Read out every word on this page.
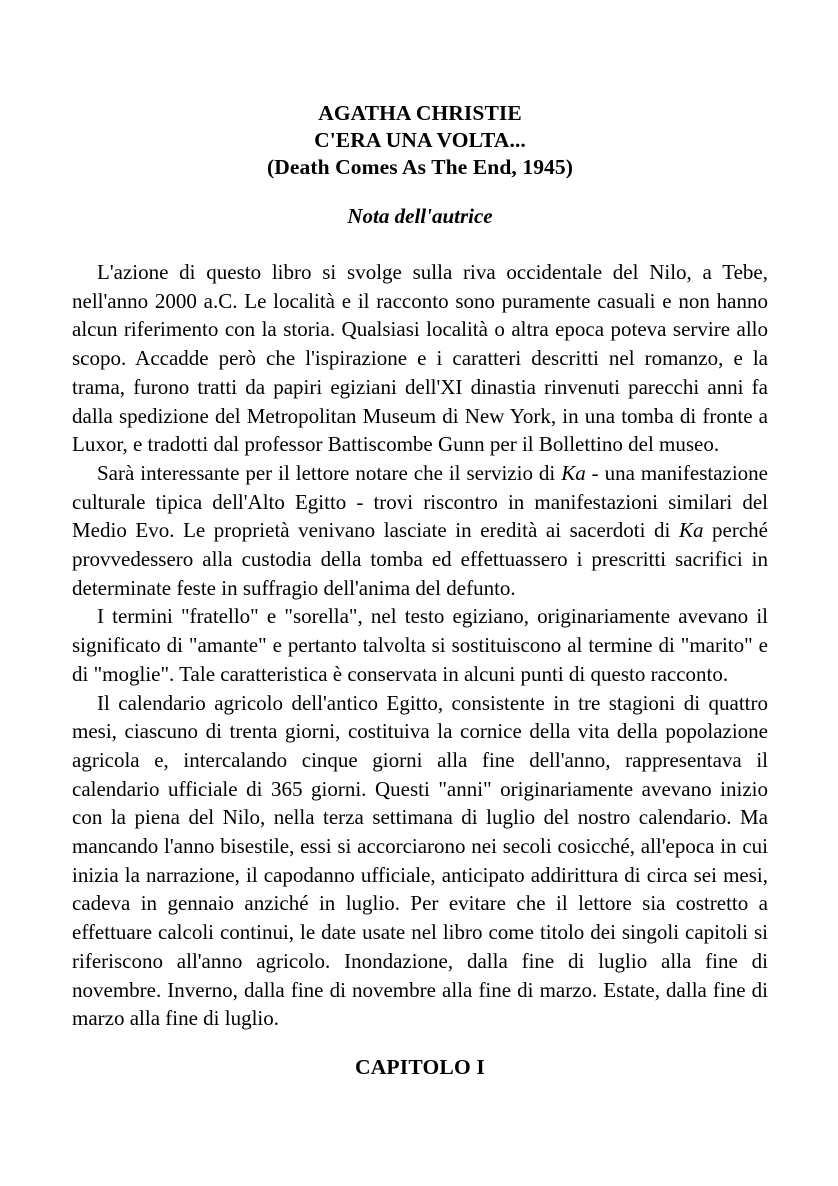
AGATHA CHRISTIE
C'ERA UNA VOLTA...
(Death Comes As The End, 1945)
Nota dell'autrice

L'azione di questo libro si svolge sulla riva occidentale del Nilo, a Tebe, nell'anno 2000 a.C. Le località e il racconto sono puramente casuali e non hanno alcun riferimento con la storia. Qualsiasi località o altra epoca poteva servire allo scopo. Accadde però che l'ispirazione e i caratteri descritti nel romanzo, e la trama, furono tratti da papiri egiziani dell'XI dinastia rinvenuti parecchi anni fa dalla spedizione del Metropolitan Museum di New York, in una tomba di fronte a Luxor, e tradotti dal professor Battiscombe Gunn per il Bollettino del museo.

Sarà interessante per il lettore notare che il servizio di Ka - una manifestazione culturale tipica dell'Alto Egitto - trovi riscontro in manifestazioni similari del Medio Evo. Le proprietà venivano lasciate in eredità ai sacerdoti di Ka perché provvedessero alla custodia della tomba ed effettuassero i prescritti sacrifici in determinate feste in suffragio dell'anima del defunto.

I termini "fratello" e "sorella", nel testo egiziano, originariamente avevano il significato di "amante" e pertanto talvolta si sostituiscono al termine di "marito" e di "moglie". Tale caratteristica è conservata in alcuni punti di questo racconto.

Il calendario agricolo dell'antico Egitto, consistente in tre stagioni di quattro mesi, ciascuno di trenta giorni, costituiva la cornice della vita della popolazione agricola e, intercalando cinque giorni alla fine dell'anno, rappresentava il calendario ufficiale di 365 giorni. Questi "anni" originariamente avevano inizio con la piena del Nilo, nella terza settimana di luglio del nostro calendario. Ma mancando l'anno bisestile, essi si accorciarono nei secoli cosicché, all'epoca in cui inizia la narrazione, il capodanno ufficiale, anticipato addirittura di circa sei mesi, cadeva in gennaio anziché in luglio. Per evitare che il lettore sia costretto a effettuare calcoli continui, le date usate nel libro come titolo dei singoli capitoli si riferiscono all'anno agricolo. Inondazione, dalla fine di luglio alla fine di novembre. Inverno, dalla fine di novembre alla fine di marzo. Estate, dalla fine di marzo alla fine di luglio.

CAPITOLO I
